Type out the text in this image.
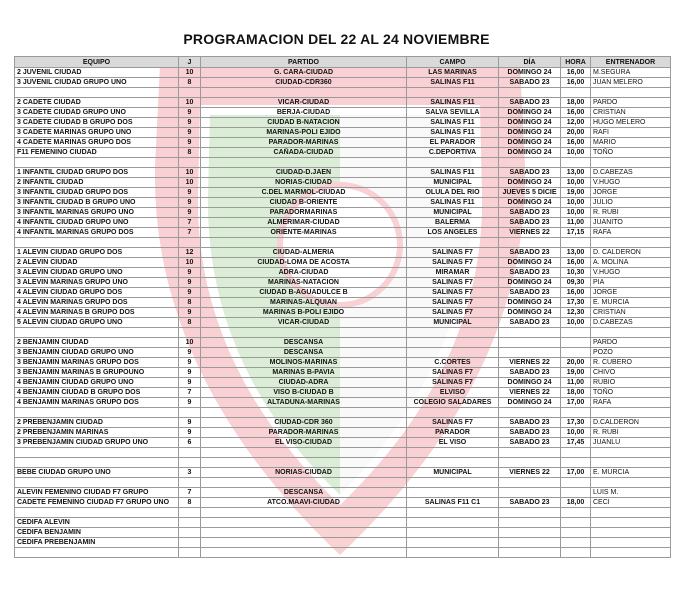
PROGRAMACION DEL 22 AL 24 NOVIEMBRE
EQUIPO	J	PARTIDO	CAMPO	DÍA	HORA	ENTRENADOR
2 JUVENIL CIUDAD	10	G. CARA-CIUDAD	LAS MARINAS	DOMINGO 24	16,00	M.SEGURA
3 JUVENIL CIUDAD GRUPO UNO	8	CIUDAD-CDR360	SALINAS F11	SABADO 23	16,00	JUAN MELERO

2 CADETE CIUDAD	10	VICAR-CIUDAD	SALINAS F11	SABADO 23	18,00	PARDO
3 CADETE CIUDAD GRUPO UNO	9	BERJA-CIUDAD	SALVA SEVILLA	DOMINGO 24	16,00	CRISTIAN
3 CADETE CIUDAD B GRUPO DOS	9	CIUDAD B-NATACION	SALINAS F11	DOMINGO 24	12,00	HUGO MELERO
3 CADETE MARINAS GRUPO UNO	9	MARINAS-POLI EJIDO	SALINAS F11	DOMINGO 24	20,00	RAFI
4 CADETE MARINAS GRUPO DOS	9	PARADOR-MARINAS	EL PARADOR	DOMINGO 24	16,00	MARIO
F11 FEMENINO CIUDAD	8	CAÑADA-CIUDAD	C.DEPORTIVA	DOMINGO 24	10,00	TOÑO

1 INFANTIL CIUDAD GRUPO DOS	10	CIUDAD-D.JAEN	SALINAS F11	SABADO 23	13,00	D.CABEZAS
2 INFANTIL CIUDAD	10	NORIAS-CIUDAD	MUNICIPAL	DOMINGO 24	10,00	V.HUGO
3 INFANTIL CIUDAD GRUPO DOS	9	C.DEL MARMOL-CIUDAD	OLULA DEL RIO	JUEVES 5 DICIE	19,00	JORGE
3 INFANTIL CIUDAD B GRUPO UNO	9	CIUDAD B-ORIENTE	SALINAS F11	DOMINGO 24	10,00	JULIO
3 INFANTIL MARINAS GRUPO UNO	9	PARADORMARINAS	MUNICIPAL	SABADO 23	10,00	R. RUBI
4 INFANTIL CIUDAD GRUPO UNO	7	ALMERIMAR-CIUDAD	BALERMA	SABADO 23	11,00	JUANITO
4 INFANTIL MARINAS GRUPO DOS	7	ORIENTE-MARINAS	LOS ANGELES	VIERNES 22	17,15	RAFA

1 ALEVIN CIUDAD GRUPO DOS	12	CIUDAD-ALMERIA	SALINAS F7	SABADO 23	13,00	D. CALDERON
2 ALEVIN CIUDAD	10	CIUDAD-LOMA DE ACOSTA	SALINAS F7	DOMINGO 24	16,00	A. MOLINA
3 ALEVIN CIUDAD GRUPO UNO	9	ADRA-CIUDAD	MIRAMAR	SABADO 23	10,30	V.HUGO
3 ALEVIN MARINAS GRUPO UNO	9	MARINAS-NATACION	SALINAS F7	DOMINGO 24	09,30	PIA
4 ALEVIN CIUDAD GRUPO DOS	9	CIUDAD B-AGUADULCE B	SALINAS F7	SABADO 23	16,00	JORGE
4 ALEVIN MARINAS GRUPO DOS	8	MARINAS-ALQUIAN	SALINAS F7	DOMINGO 24	17,30	E. MURCIA
4 ALEVIN MARINAS B GRUPO DOS	9	MARINAS B-POLI EJIDO	SALINAS F7	DOMINGO 24	12,30	CRISTIAN
5 ALEVIN CIUDAD GRUPO UNO	8	VICAR-CIUDAD	MUNICIPAL	SABADO 23	10,00	D.CABEZAS

2 BENJAMIN CIUDAD	10	DESCANSA				PARDO
3 BENJAMIN CIUDAD GRUPO UNO	9	DESCANSA				POZO
3 BENJAMIN MARINAS GRUPO DOS	9	MOLINOS-MARINAS	C.CORTES	VIERNES 22	20,00	R. CUBERO
3 BENJAMIN MARINAS B GRUPOUNO	9	MARINAS B-PAVIA	SALINAS F7	SABADO 23	19,00	CHIVO
4 BENJAMIN CIUDAD GRUPO UNO	9	CIUDAD-ADRA	SALINAS F7	DOMINGO 24	11,00	RUBIO
4 BENJAMIN CIUDAD B GRUPO DOS	7	VISO B-CIUDAD B	ELVISO	VIERNES 22	18,00	TOÑO
4 BENJAMIN MARINAS GRUPO DOS	9	ALTADUNA-MARINAS	COLEGIO SALADARES	DOMINGO 24	17,00	RAFA

2 PREBENJAMIN CIUDAD	9	CIUDAD-CDR 360	SALINAS F7	SABADO 23	17,30	D.CALDERON
2 PREBENJAMIN MARINAS	9	PARADOR-MARINAS	PARADOR	SABADO 23	10,00	R. RUBI
3 PREBENJAMIN CIUDAD GRUPO UNO	6	EL VISO-CIUDAD	EL VISO	SABADO 23	17,45	JUANLU

BEBE CIUDAD GRUPO UNO	3	NORIAS-CIUDAD	MUNICIPAL	VIERNES 22	17,00	E. MURCIA

ALEVIN FEMENINO CIUDAD F7 GRUPO	7	DESCANSA				LUIS M.
CADETE FEMENINO CIUDAD F7 GRUPO UNO	8	ATCO.MAAVI-CIUDAD	SALINAS F11 C1	SABADO 23	18,00	CECI

CEDIFA ALEVIN						
CEDIFA BENJAMIN						
CEDIFA PREBENJAMIN						
